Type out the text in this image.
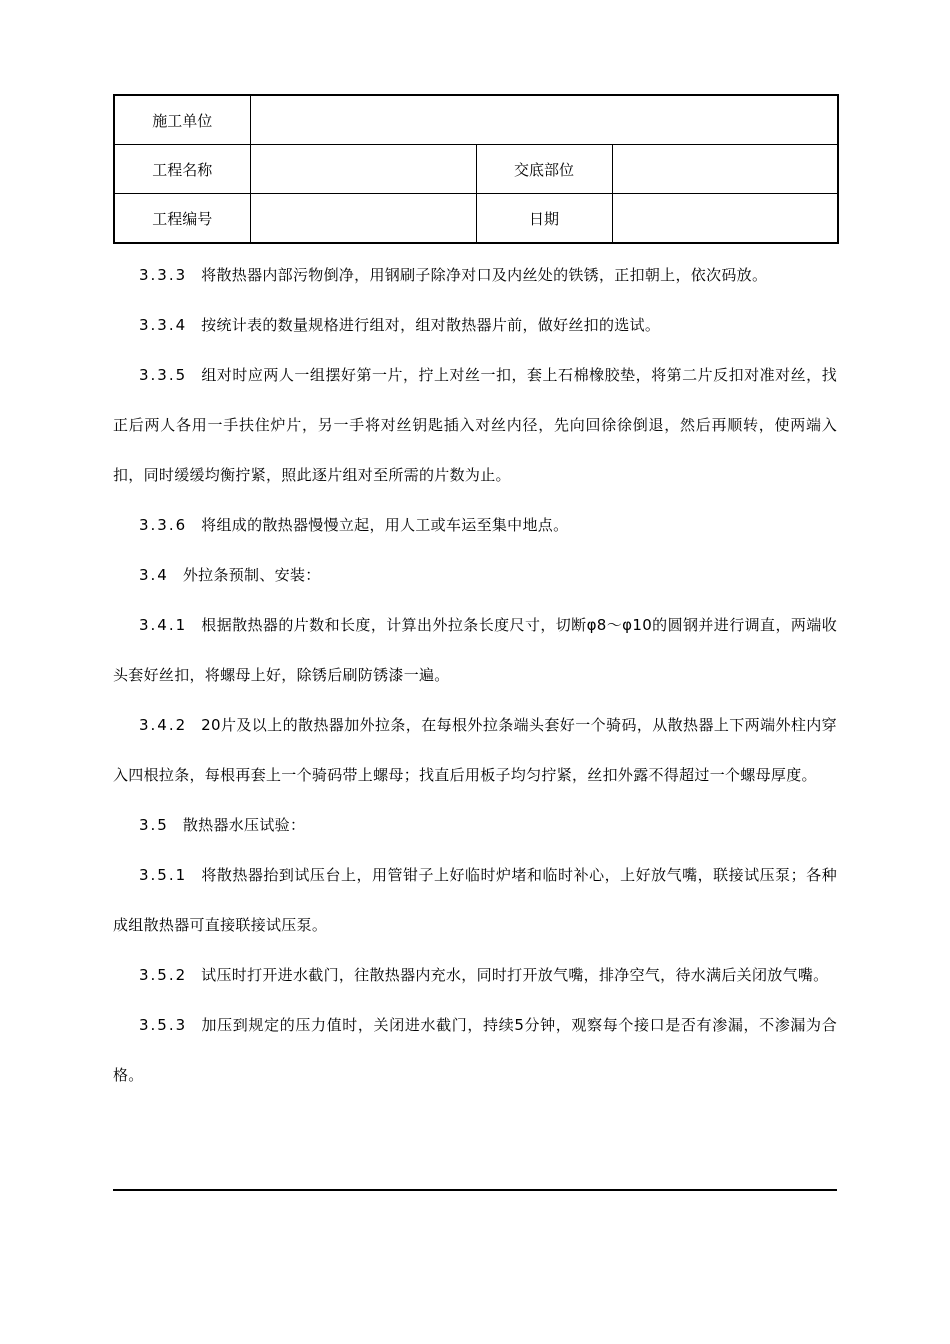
施工单位			
工程名称		交底部位	
工程编号		日期	

3.3.3 将散热器内部污物倒净，用钢刷子除净对口及内丝处的铁锈，正扣朝上，依次码放。

3.3.4 按统计表的数量规格进行组对，组对散热器片前，做好丝扣的选试。

3.3.5 组对时应两人一组摆好第一片，拧上对丝一扣，套上石棉橡胶垫，将第二片反扣对准对丝，找正后两人各用一手扶住炉片，另一手将对丝钥匙插入对丝内径，先向回徐徐倒退，然后再顺转，使两端入扣，同时缓缓均衡拧紧，照此逐片组对至所需的片数为止。

3.3.6 将组成的散热器慢慢立起，用人工或车运至集中地点。

3.4 外拉条预制、安装：

3.4.1 根据散热器的片数和长度，计算出外拉条长度尺寸，切断φ8～φ10的圆钢并进行调直，两端收头套好丝扣，将螺母上好，除锈后刷防锈漆一遍。

3.4.2 20片及以上的散热器加外拉条，在每根外拉条端头套好一个骑码，从散热器上下两端外柱内穿入四根拉条，每根再套上一个骑码带上螺母；找直后用板子均匀拧紧，丝扣外露不得超过一个螺母厚度。

3.5 散热器水压试验：

3.5.1 将散热器抬到试压台上，用管钳子上好临时炉堵和临时补心，上好放气嘴，联接试压泵；各种成组散热器可直接联接试压泵。

3.5.2 试压时打开进水截门，往散热器内充水，同时打开放气嘴，排净空气，待水满后关闭放气嘴。

3.5.3 加压到规定的压力值时，关闭进水截门，持续5分钟，观察每个接口是否有渗漏，不渗漏为合格。
